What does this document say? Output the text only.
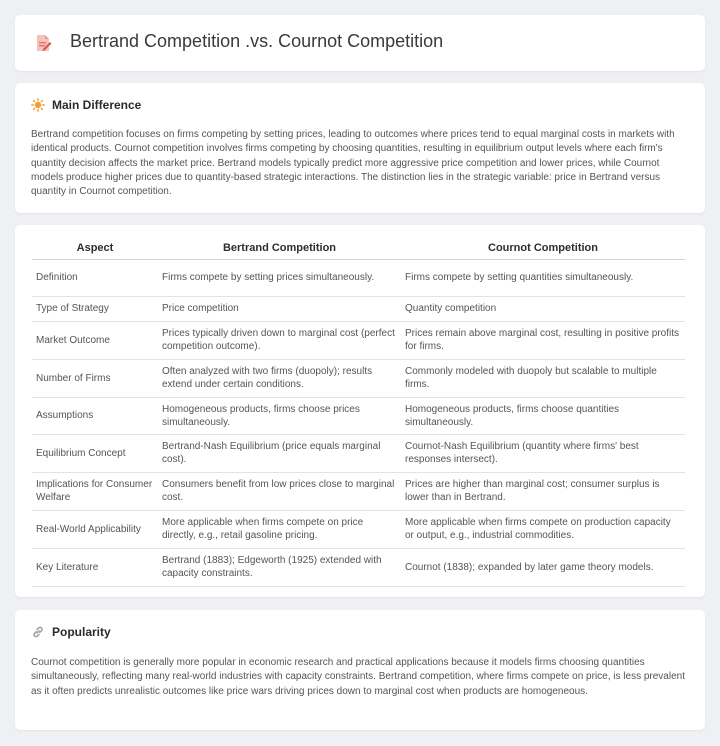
Bertrand Competition .vs. Cournot Competition
Main Difference

Bertrand competition focuses on firms competing by setting prices, leading to outcomes where prices tend to equal marginal costs in markets with identical products. Cournot competition involves firms competing by choosing quantities, resulting in equilibrium output levels where each firm's quantity decision affects the market price. Bertrand models typically predict more aggressive price competition and lower prices, while Cournot models produce higher prices due to quantity-based strategic interactions. The distinction lies in the strategic variable: price in Bertrand versus quantity in Cournot competition.

Aspect	Bertrand Competition	Cournot Competition
Definition	Firms compete by setting prices simultaneously.	Firms compete by setting quantities simultaneously.
Type of Strategy	Price competition	Quantity competition
Market Outcome	Prices typically driven down to marginal cost (perfect competition outcome).	Prices remain above marginal cost, resulting in positive profits for firms.
Number of Firms	Often analyzed with two firms (duopoly); results extend under certain conditions.	Commonly modeled with duopoly but scalable to multiple firms.
Assumptions	Homogeneous products, firms choose prices simultaneously.	Homogeneous products, firms choose quantities simultaneously.
Equilibrium Concept	Bertrand-Nash Equilibrium (price equals marginal cost).	Cournot-Nash Equilibrium (quantity where firms' best responses intersect).
Implications for Consumer Welfare	Consumers benefit from low prices close to marginal cost.	Prices are higher than marginal cost; consumer surplus is lower than in Bertrand.
Real-World Applicability	More applicable when firms compete on price directly, e.g., retail gasoline pricing.	More applicable when firms compete on production capacity or output, e.g., industrial commodities.
Key Literature	Bertrand (1883); Edgeworth (1925) extended with capacity constraints.	Cournot (1838); expanded by later game theory models.
Popularity

Cournot competition is generally more popular in economic research and practical applications because it models firms choosing quantities simultaneously, reflecting many real-world industries with capacity constraints. Bertrand competition, where firms compete on price, is less prevalent as it often predicts unrealistic outcomes like price wars driving prices down to marginal cost when products are homogeneous.
